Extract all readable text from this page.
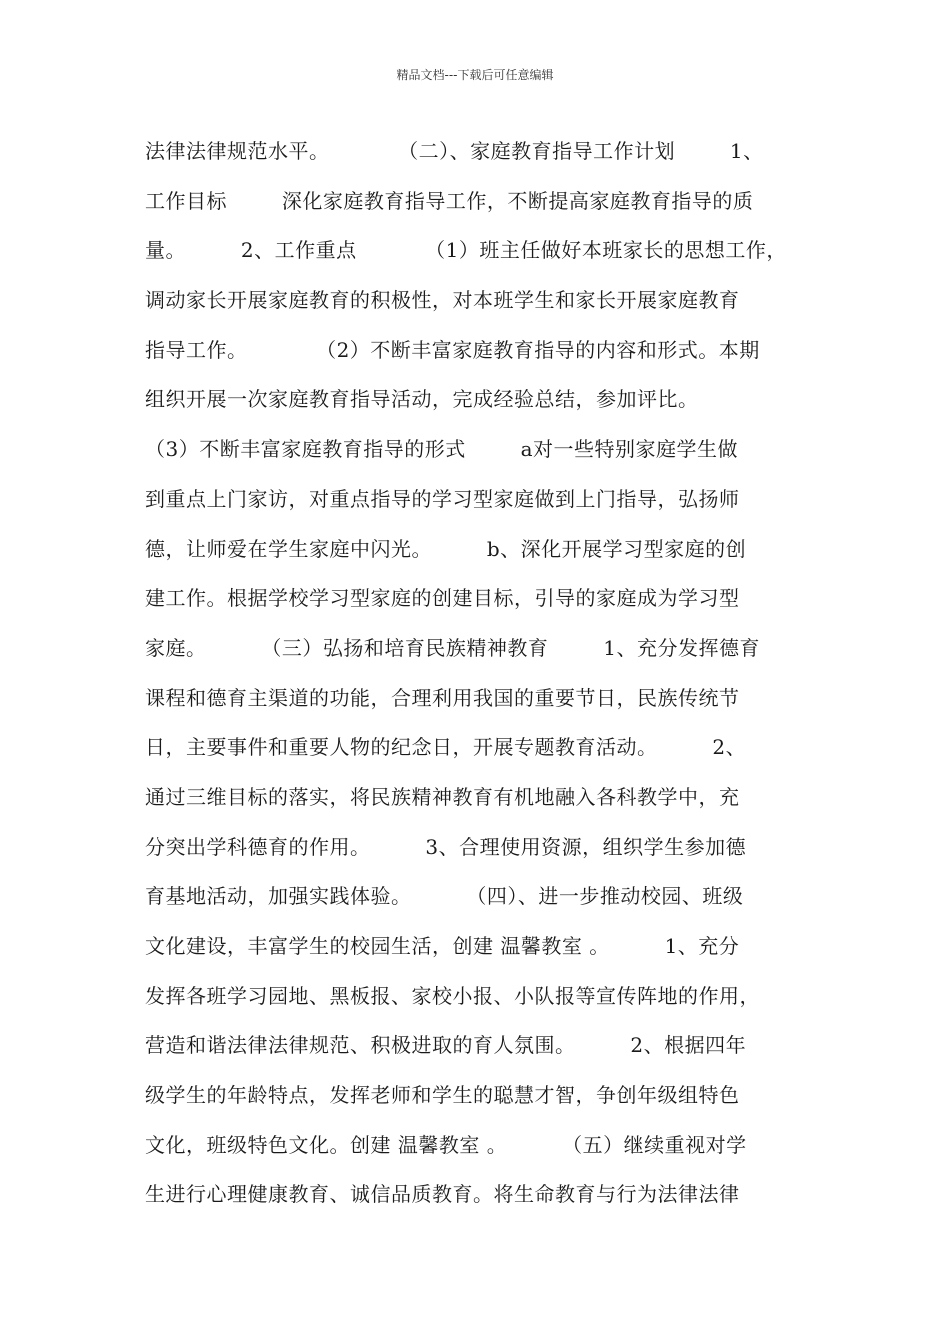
精品文档---下载后可任意编辑
法律法律规范水平。          （二）、家庭教育指导工作计划        1、
工作目标        深化家庭教育指导工作，不断提高家庭教育指导的质
量。        2、工作重点          （1）班主任做好本班家长的思想工作，
调动家长开展家庭教育的积极性，对本班学生和家长开展家庭教育
指导工作。          （2）不断丰富家庭教育指导的内容和形式。本期
组织开展一次家庭教育指导活动，完成经验总结，参加评比。
（3）不断丰富家庭教育指导的形式        a对一些特别家庭学生做
到重点上门家访，对重点指导的学习型家庭做到上门指导，弘扬师
德，让师爱在学生家庭中闪光。        b、深化开展学习型家庭的创
建工作。根据学校学习型家庭的创建目标，引导的家庭成为学习型
家庭。        （三）弘扬和培育民族精神教育        1、充分发挥德育
课程和德育主渠道的功能，合理利用我国的重要节日，民族传统节
日，主要事件和重要人物的纪念日，开展专题教育活动。        2、
通过三维目标的落实，将民族精神教育有机地融入各科教学中，充
分突出学科德育的作用。        3、合理使用资源，组织学生参加德
育基地活动，加强实践体验。        （四）、进一步推动校园、班级
文化建设，丰富学生的校园生活，创建 温馨教室 。        1、充分
发挥各班学习园地、黑板报、家校小报、小队报等宣传阵地的作用，
营造和谐法律法律规范、积极进取的育人氛围。        2、根据四年
级学生的年龄特点，发挥老师和学生的聪慧才智，争创年级组特色
文化，班级特色文化。创建 温馨教室 。        （五）继续重视对学
生进行心理健康教育、诚信品质教育。将生命教育与行为法律法律
